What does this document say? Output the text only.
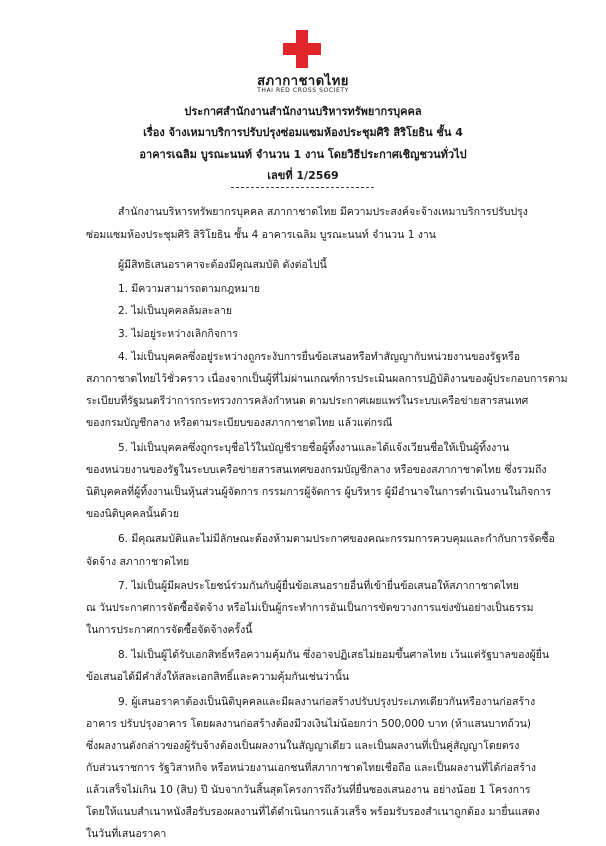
สภากาชาดไทย
THAI RED CROSS SOCIETY
ประกาศสำนักงานสำนักงานบริหารทรัพยากรบุคคล
เรื่อง จ้างเหมาบริการปรับปรุงซ่อมแซมห้องประชุมศิริ สิริโยธิน ชั้น 4
อาคารเฉลิม บูรณะนนท์ จำนวน 1 งาน โดยวิธีประกาศเชิญชวนทั่วไป
เลขที่ 1/2569
สำนักงานบริหารทรัพยากรบุคคล สภากาชาดไทย มีความประสงค์จะจ้างเหมาบริการปรับปรุง
ซ่อมแซมห้องประชุมศิริ สิริโยธิน ชั้น 4 อาคารเฉลิม บูรณะนนท์ จำนวน 1 งาน
ผู้มีสิทธิเสนอราคาจะต้องมีคุณสมบัติ ดังต่อไปนี้
1. มีความสามารถตามกฎหมาย
2. ไม่เป็นบุคคลล้มละลาย
3. ไม่อยู่ระหว่างเลิกกิจการ
4. ไม่เป็นบุคคลซึ่งอยู่ระหว่างถูกระงับการยื่นข้อเสนอหรือทำสัญญากับหน่วยงานของรัฐหรือ
สภากาชาดไทยไว้ชั่วคราว เนื่องจากเป็นผู้ที่ไม่ผ่านเกณฑ์การประเมินผลการปฏิบัติงานของผู้ประกอบการตาม
ระเบียบที่รัฐมนตรีว่าการกระทรวงการคลังกำหนด ตามประกาศเผยแพร่ในระบบเครือข่ายสารสนเทศ
ของกรมบัญชีกลาง หรือตามระเบียบของสภากาชาดไทย แล้วแต่กรณี
5. ไม่เป็นบุคคลซึ่งถูกระบุชื่อไว้ในบัญชีรายชื่อผู้ทิ้งงานและได้แจ้งเวียนชื่อให้เป็นผู้ทิ้งงาน
ของหน่วยงานของรัฐในระบบเครือข่ายสารสนเทศของกรมบัญชีกลาง หรือของสภากาชาดไทย ซึ่งรวมถึง
นิติบุคคลที่ผู้ทิ้งงานเป็นหุ้นส่วนผู้จัดการ กรรมการผู้จัดการ ผู้บริหาร ผู้มีอำนาจในการดำเนินงานในกิจการ
ของนิติบุคคลนั้นด้วย
6. มีคุณสมบัติและไม่มีลักษณะต้องห้ามตามประกาศของคณะกรรมการควบคุมและกำกับการจัดซื้อ
จัดจ้าง สภากาชาดไทย
7. ไม่เป็นผู้มีผลประโยชน์ร่วมกันกับผู้ยื่นข้อเสนอรายอื่นที่เข้ายื่นข้อเสนอให้สภากาชาดไทย
ณ วันประกาศการจัดซื้อจัดจ้าง หรือไม่เป็นผู้กระทำการอันเป็นการขัดขวางการแข่งขันอย่างเป็นธรรม
ในการประกาศการจัดซื้อจัดจ้างครั้งนี้
8. ไม่เป็นผู้ได้รับเอกสิทธิ์หรือความคุ้มกัน ซึ่งอาจปฏิเสธไม่ยอมขึ้นศาลไทย เว้นแต่รัฐบาลของผู้ยื่น
ข้อเสนอได้มีคำสั่งให้สละเอกสิทธิ์และความคุ้มกันเช่นว่านั้น
9. ผู้เสนอราคาต้องเป็นนิติบุคคลและมีผลงานก่อสร้างปรับปรุงประเภทเดียวกันหรืองานก่อสร้าง
อาคาร ปรับปรุงอาคาร โดยผลงานก่อสร้างต้องมีวงเงินไม่น้อยกว่า 500,000 บาท (ห้าแสนบาทถ้วน)
ซึ่งผลงานดังกล่าวของผู้รับจ้างต้องเป็นผลงานในสัญญาเดียว และเป็นผลงานที่เป็นคู่สัญญาโดยตรง
กับส่วนราชการ รัฐวิสาหกิจ หรือหน่วยงานเอกชนที่สภากาชาดไทยเชื่อถือ และเป็นผลงานที่ได้ก่อสร้าง
แล้วเสร็จไม่เกิน 10 (สิบ) ปี นับจากวันสิ้นสุดโครงการถึงวันที่ยื่นซองเสนองาน อย่างน้อย 1 โครงการ
โดยให้แนบสำเนาหนังสือรับรองผลงานที่ได้ดำเนินการแล้วเสร็จ พร้อมรับรองสำเนาถูกต้อง มายื่นแสดง
ในวันที่เสนอราคา
